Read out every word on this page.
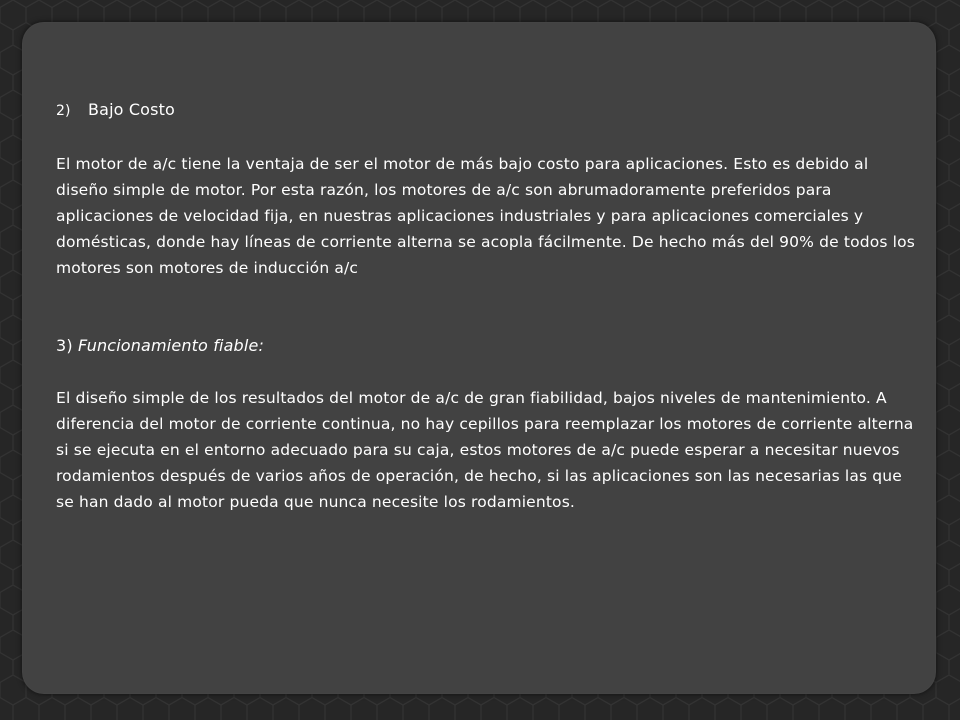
2) Bajo Costo

El motor de a/c tiene la ventaja de ser el motor de más bajo costo para aplicaciones. Esto es debido al diseño simple de motor. Por esta razón, los motores de a/c son abrumadoramente preferidos para aplicaciones de velocidad fija, en nuestras aplicaciones industriales y para aplicaciones comerciales y domésticas, donde hay líneas de corriente alterna se acopla fácilmente. De hecho más del 90% de todos los motores son motores de inducción a/c

3) Funcionamiento fiable:

El diseño simple de los resultados del motor de a/c de gran fiabilidad, bajos niveles de mantenimiento. A diferencia del motor de corriente continua, no hay cepillos para reemplazar los motores de corriente alterna si se ejecuta en el entorno adecuado para su caja, estos motores de a/c puede esperar a necesitar nuevos rodamientos después de varios años de operación, de hecho, si las aplicaciones son las necesarias las que se han dado al motor pueda que nunca necesite los rodamientos.
